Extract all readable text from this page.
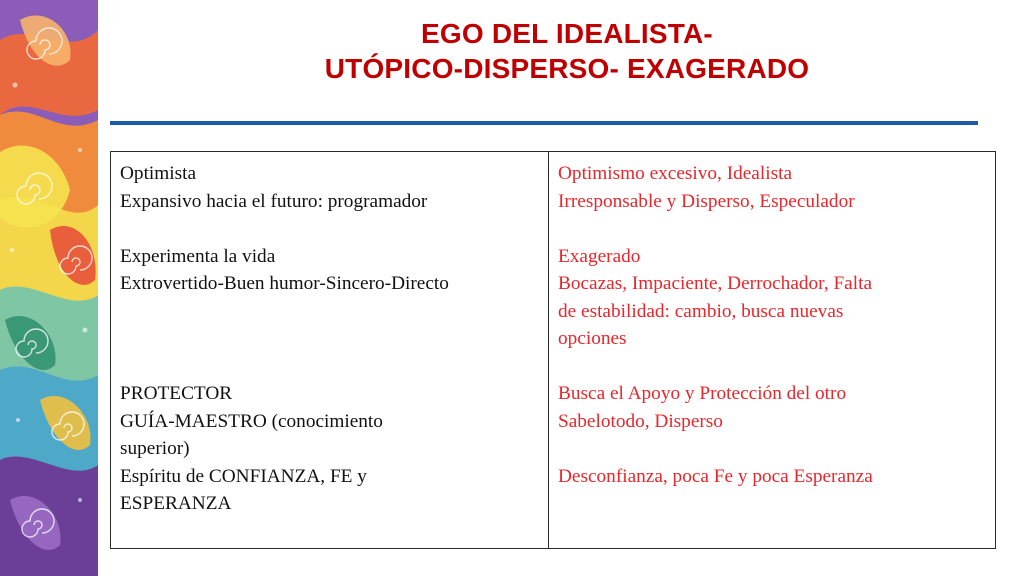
EGO DEL IDEALISTA-
UTÓPICO-DISPERSO- EXAGERADO
Optimista
Expansivo hacia el futuro: programador
Experimenta la vida
Extrovertido-Buen humor-Sincero-Directo
PROTECTOR
GUÍA-MAESTRO (conocimiento
superior)
Espíritu de CONFIANZA, FE y
ESPERANZA
Optimismo excesivo, Idealista
Irresponsable y Disperso, Especulador
Exagerado
Bocazas, Impaciente, Derrochador, Falta
de estabilidad: cambio, busca nuevas
opciones
Busca el Apoyo y Protección del otro
Sabelotodo, Disperso
Desconfianza, poca Fe y poca Esperanza
